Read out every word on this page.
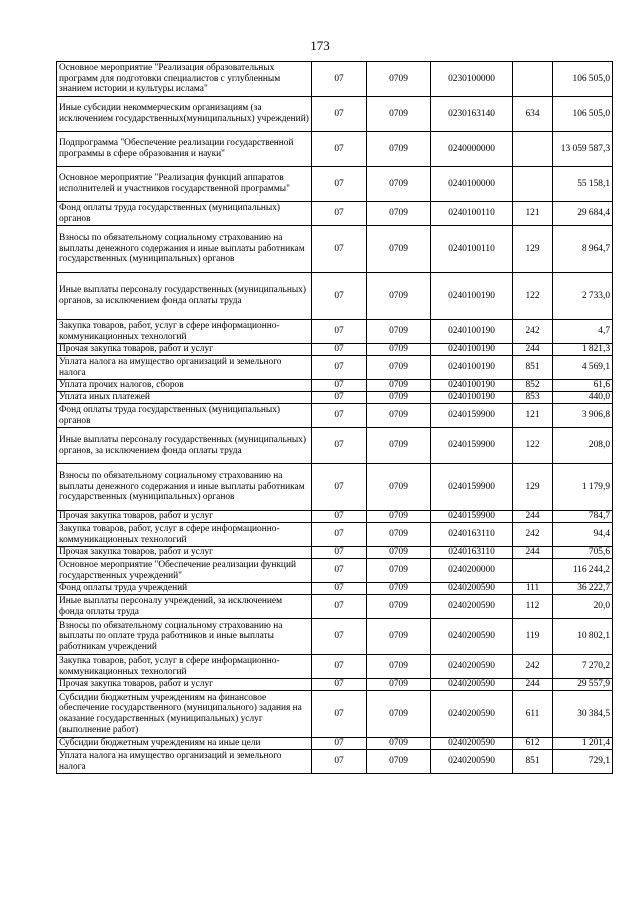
173
Основное мероприятие "Реализация образовательных программ для подготовки специалистов с углубленным знанием истории и культуры ислама"	07	0709	0230100000		106 505,0
Иные субсидии некоммерческим организациям (за исключением государственных(муниципальных) учреждений)	07	0709	0230163140	634	106 505,0
Подпрограмма "Обеспечение реализации государственной программы в сфере образования и науки"	07	0709	0240000000		13 059 587,3
Основное мероприятие "Реализация функций аппаратов исполнителей и участников государственной программы"	07	0709	0240100000		55 158,1
Фонд оплаты труда государственных (муниципальных) органов	07	0709	0240100110	121	29 684,4
Взносы по обязательному социальному страхованию на выплаты денежного содержания и иные выплаты работникам государственных (муниципальных) органов	07	0709	0240100110	129	8 964,7
Иные выплаты персоналу государственных (муниципальных) органов, за исключением фонда оплаты труда	07	0709	0240100190	122	2 733,0
Закупка товаров, работ, услуг в сфере информационно-коммуникационных технологий	07	0709	0240100190	242	4,7
Прочая закупка товаров, работ и услуг	07	0709	0240100190	244	1 821,3
Уплата налога на имущество организаций и земельного налога	07	0709	0240100190	851	4 569,1
Уплата прочих налогов, сборов	07	0709	0240100190	852	61,6
Уплата иных платежей	07	0709	0240100190	853	440,0
Фонд оплаты труда государственных (муниципальных) органов	07	0709	0240159900	121	3 906,8
Иные выплаты персоналу государственных (муниципальных) органов, за исключением фонда оплаты труда	07	0709	0240159900	122	208,0
Взносы по обязательному социальному страхованию на выплаты денежного содержания и иные выплаты работникам государственных (муниципальных) органов	07	0709	0240159900	129	1 179,9
Прочая закупка товаров, работ и услуг	07	0709	0240159900	244	784,7
Закупка товаров, работ, услуг в сфере информационно-коммуникационных технологий	07	0709	0240163110	242	94,4
Прочая закупка товаров, работ и услуг	07	0709	0240163110	244	705,6
Основное мероприятие "Обеспечение реализации функций государственных учреждений"	07	0709	0240200000		116 244,2
Фонд оплаты труда учреждений	07	0709	0240200590	111	36 222,7
Иные выплаты персоналу учреждений, за исключением фонда оплаты труда	07	0709	0240200590	112	20,0
Взносы по обязательному социальному страхованию на выплаты по оплате труда работников и иные выплаты работникам учреждений	07	0709	0240200590	119	10 802,1
Закупка товаров, работ, услуг в сфере информационно-коммуникационных технологий	07	0709	0240200590	242	7 270,2
Прочая закупка товаров, работ и услуг	07	0709	0240200590	244	29 557,9
Субсидии бюджетным учреждениям на финансовое обеспечение государственного (муниципального) задания на оказание государственных (муниципальных) услуг (выполнение работ)	07	0709	0240200590	611	30 384,5
Субсидии бюджетным учреждениям на иные цели	07	0709	0240200590	612	1 201,4
Уплата налога на имущество организаций и земельного налога	07	0709	0240200590	851	729,1
